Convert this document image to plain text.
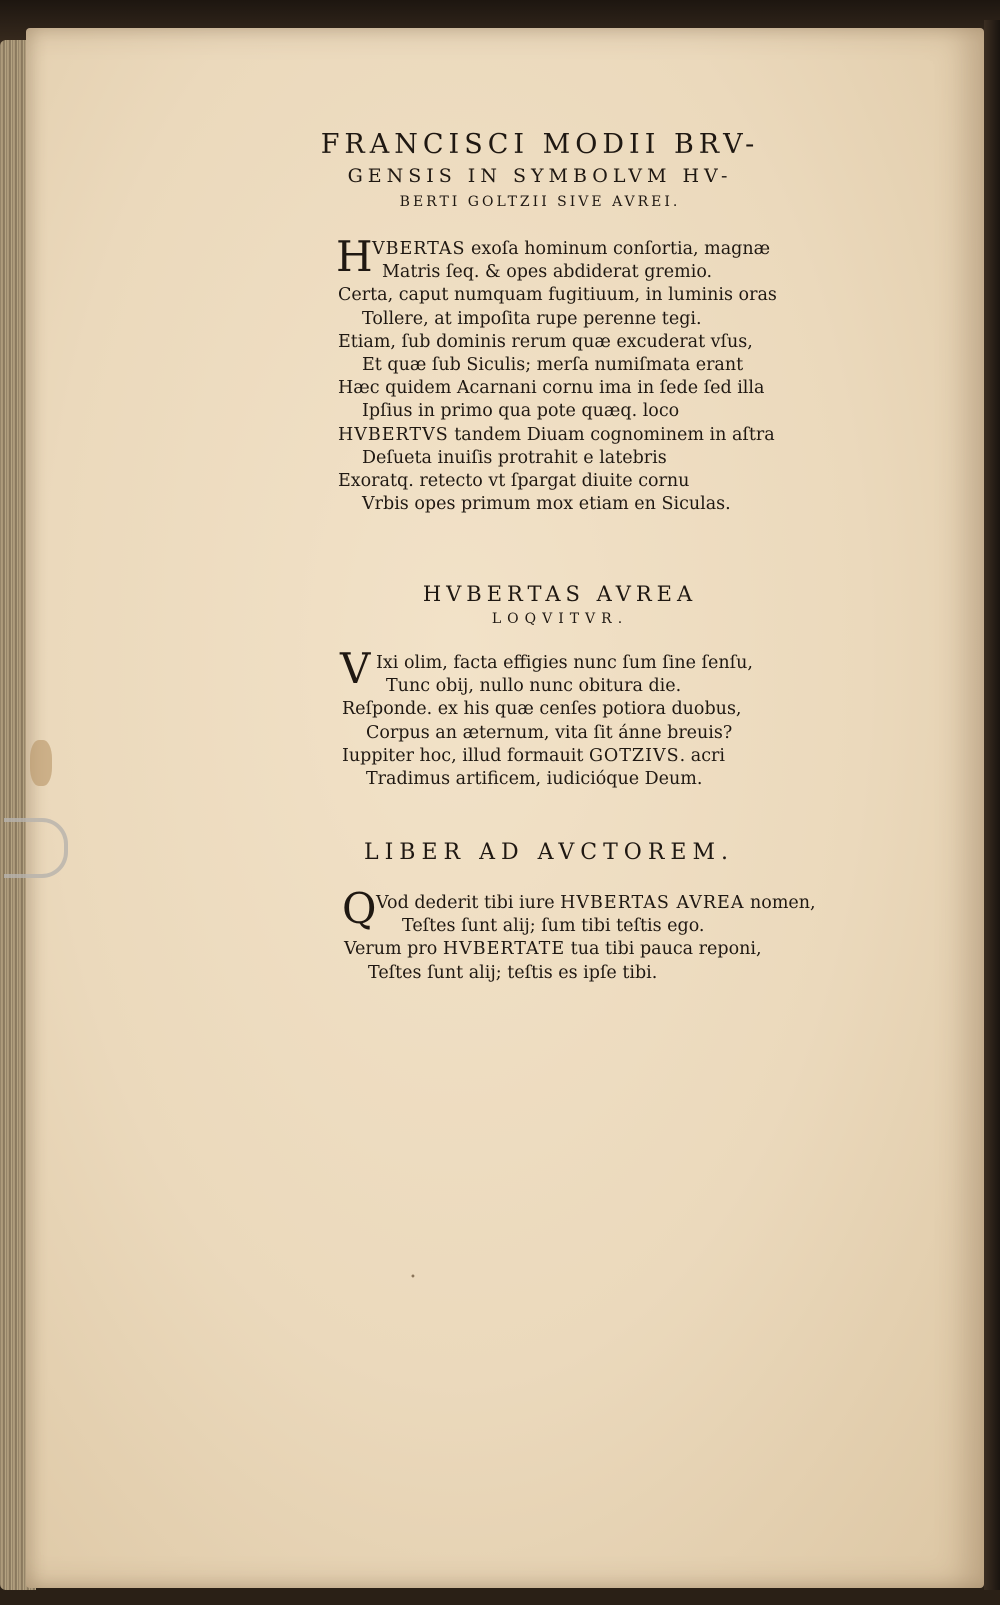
FRANCISCI MODII BRV-
GENSIS IN SYMBOLVM HV-
BERTI GOLTZII SIVE AVREI.
H VBERTAS exoſa hominum conſortia, magnæ
Matris ſeq. & opes abdiderat gremio.
Certa, caput numquam fugitiuum, in luminis oras
Tollere, at impoſita rupe perenne tegi.
Etiam, ſub dominis rerum quæ excuderat vſus,
Et quæ ſub Siculis; merſa numiſmata erant
Hæc quidem Acarnani cornu ima in ſede ſed illa
Ipſius in primo qua pote quæq. loco
HVBERTVS tandem Diuam cognominem in aſtra
Deſueta inuiſis protrahit e latebris
Exoratq. retecto vt ſpargat diuite cornu
Vrbis opes primum mox etiam en Siculas.
HVBERTAS AVREA
LOQVITVR.
V Ixi olim, facta effigies nunc ſum ſine ſenſu,
Tunc obij, nullo nunc obitura die.
Reſponde. ex his quæ cenſes potiora duobus,
Corpus an æternum, vita ſit ánne breuis?
Iuppiter hoc, illud formauit GOTZIVS. acri
Tradimus artificem, iudicióque Deum.
LIBER AD AVCTOREM.
Q Vod dederit tibi iure HVBERTAS AVREA nomen,
Teſtes ſunt alij; ſum tibi teſtis ego.
Verum pro HVBERTATE tua tibi pauca reponi,
Teſtes ſunt alij; teſtis es ipſe tibi.
•
